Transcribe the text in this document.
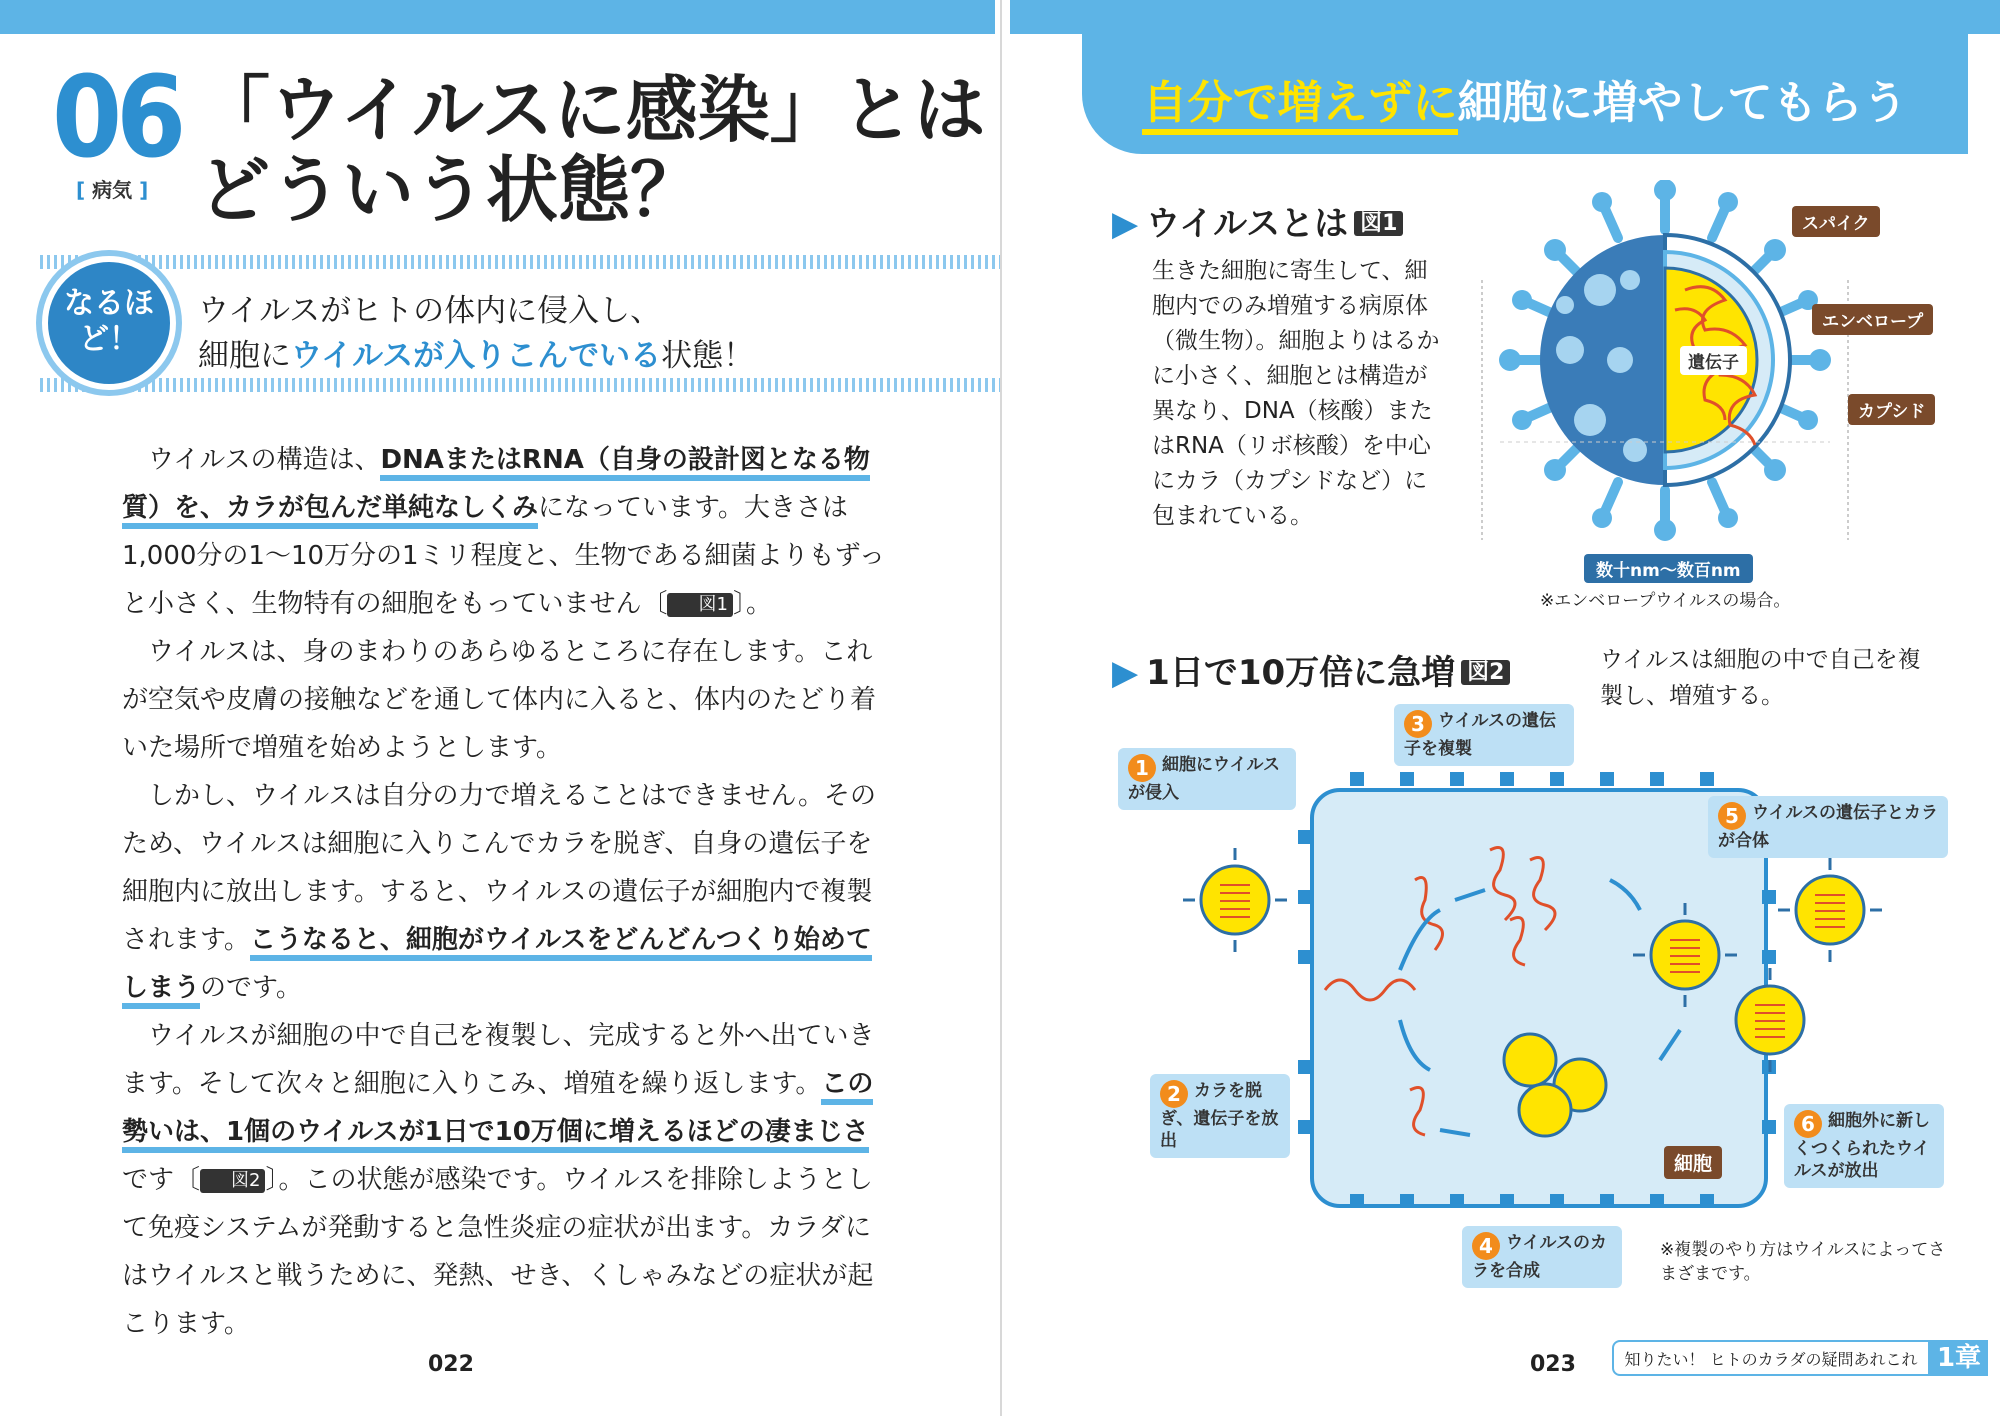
06
[ 病気 ]
「ウイルスに感染」とは
どういう状態？
なるほど！
ウイルスがヒトの体内に侵入し、
細胞にウイルスが入りこんでいる状態！

ウイルスの構造は、DNAまたはRNA（自身の設計図となる物質）を、カラが包んだ単純なしくみになっています。大きさは1,000分の1～10万分の1ミリ程度と、生物である細菌よりもずっと小さく、生物特有の細胞をもっていません〔 図1 〕。

ウイルスは、身のまわりのあらゆるところに存在します。これが空気や皮膚の接触などを通して体内に入ると、体内のたどり着いた場所で増殖を始めようとします。

しかし、ウイルスは自分の力で増えることはできません。そのため、ウイルスは細胞に入りこんでカラを脱ぎ、自身の遺伝子を細胞内に放出します。すると、ウイルスの遺伝子が細胞内で複製されます。こうなると、細胞がウイルスをどんどんつくり始めてしまうのです。

ウイルスが細胞の中で自己を複製し、完成すると外へ出ていきます。そして次々と細胞に入りこみ、増殖を繰り返します。この勢いは、1個のウイルスが1日で10万個に増えるほどの凄まじさです〔 図2 〕。この状態が感染です。ウイルスを排除しようとして免疫システムが発動すると急性炎症の症状が出ます。カラダにはウイルスと戦うために、発熱、せき、くしゃみなどの症状が起こります。

022
自分で増えずに細胞に増やしてもらう
▶ ウイルスとは 図1
生きた細胞に寄生して、細胞内でのみ増殖する病原体（微生物）。細胞よりはるかに小さく、細胞とは構造が異なり、DNA（核酸）またはRNA（リボ核酸）を中心にカラ（カプシドなど）に包まれている。
スパイク
エンベロープ
カプシド
遺伝子
数十nm～数百nm
※エンベロープウイルスの場合。
▶ 1日で10万倍に急増 図2	ウイルスは細胞の中で自己を複製し、増殖する。
細胞
1 細胞にウイルスが侵入
2 カラを脱ぎ、遺伝子を放出
3 ウイルスの遺伝子を複製
4 ウイルスのカラを合成
5 ウイルスの遺伝子とカラが合体
6 細胞外に新しくつくられたウイルスが放出
※複製のやり方はウイルスによってさまざまです。
023	知りたい！ ヒトのカラダの疑問あれこれ 1章
